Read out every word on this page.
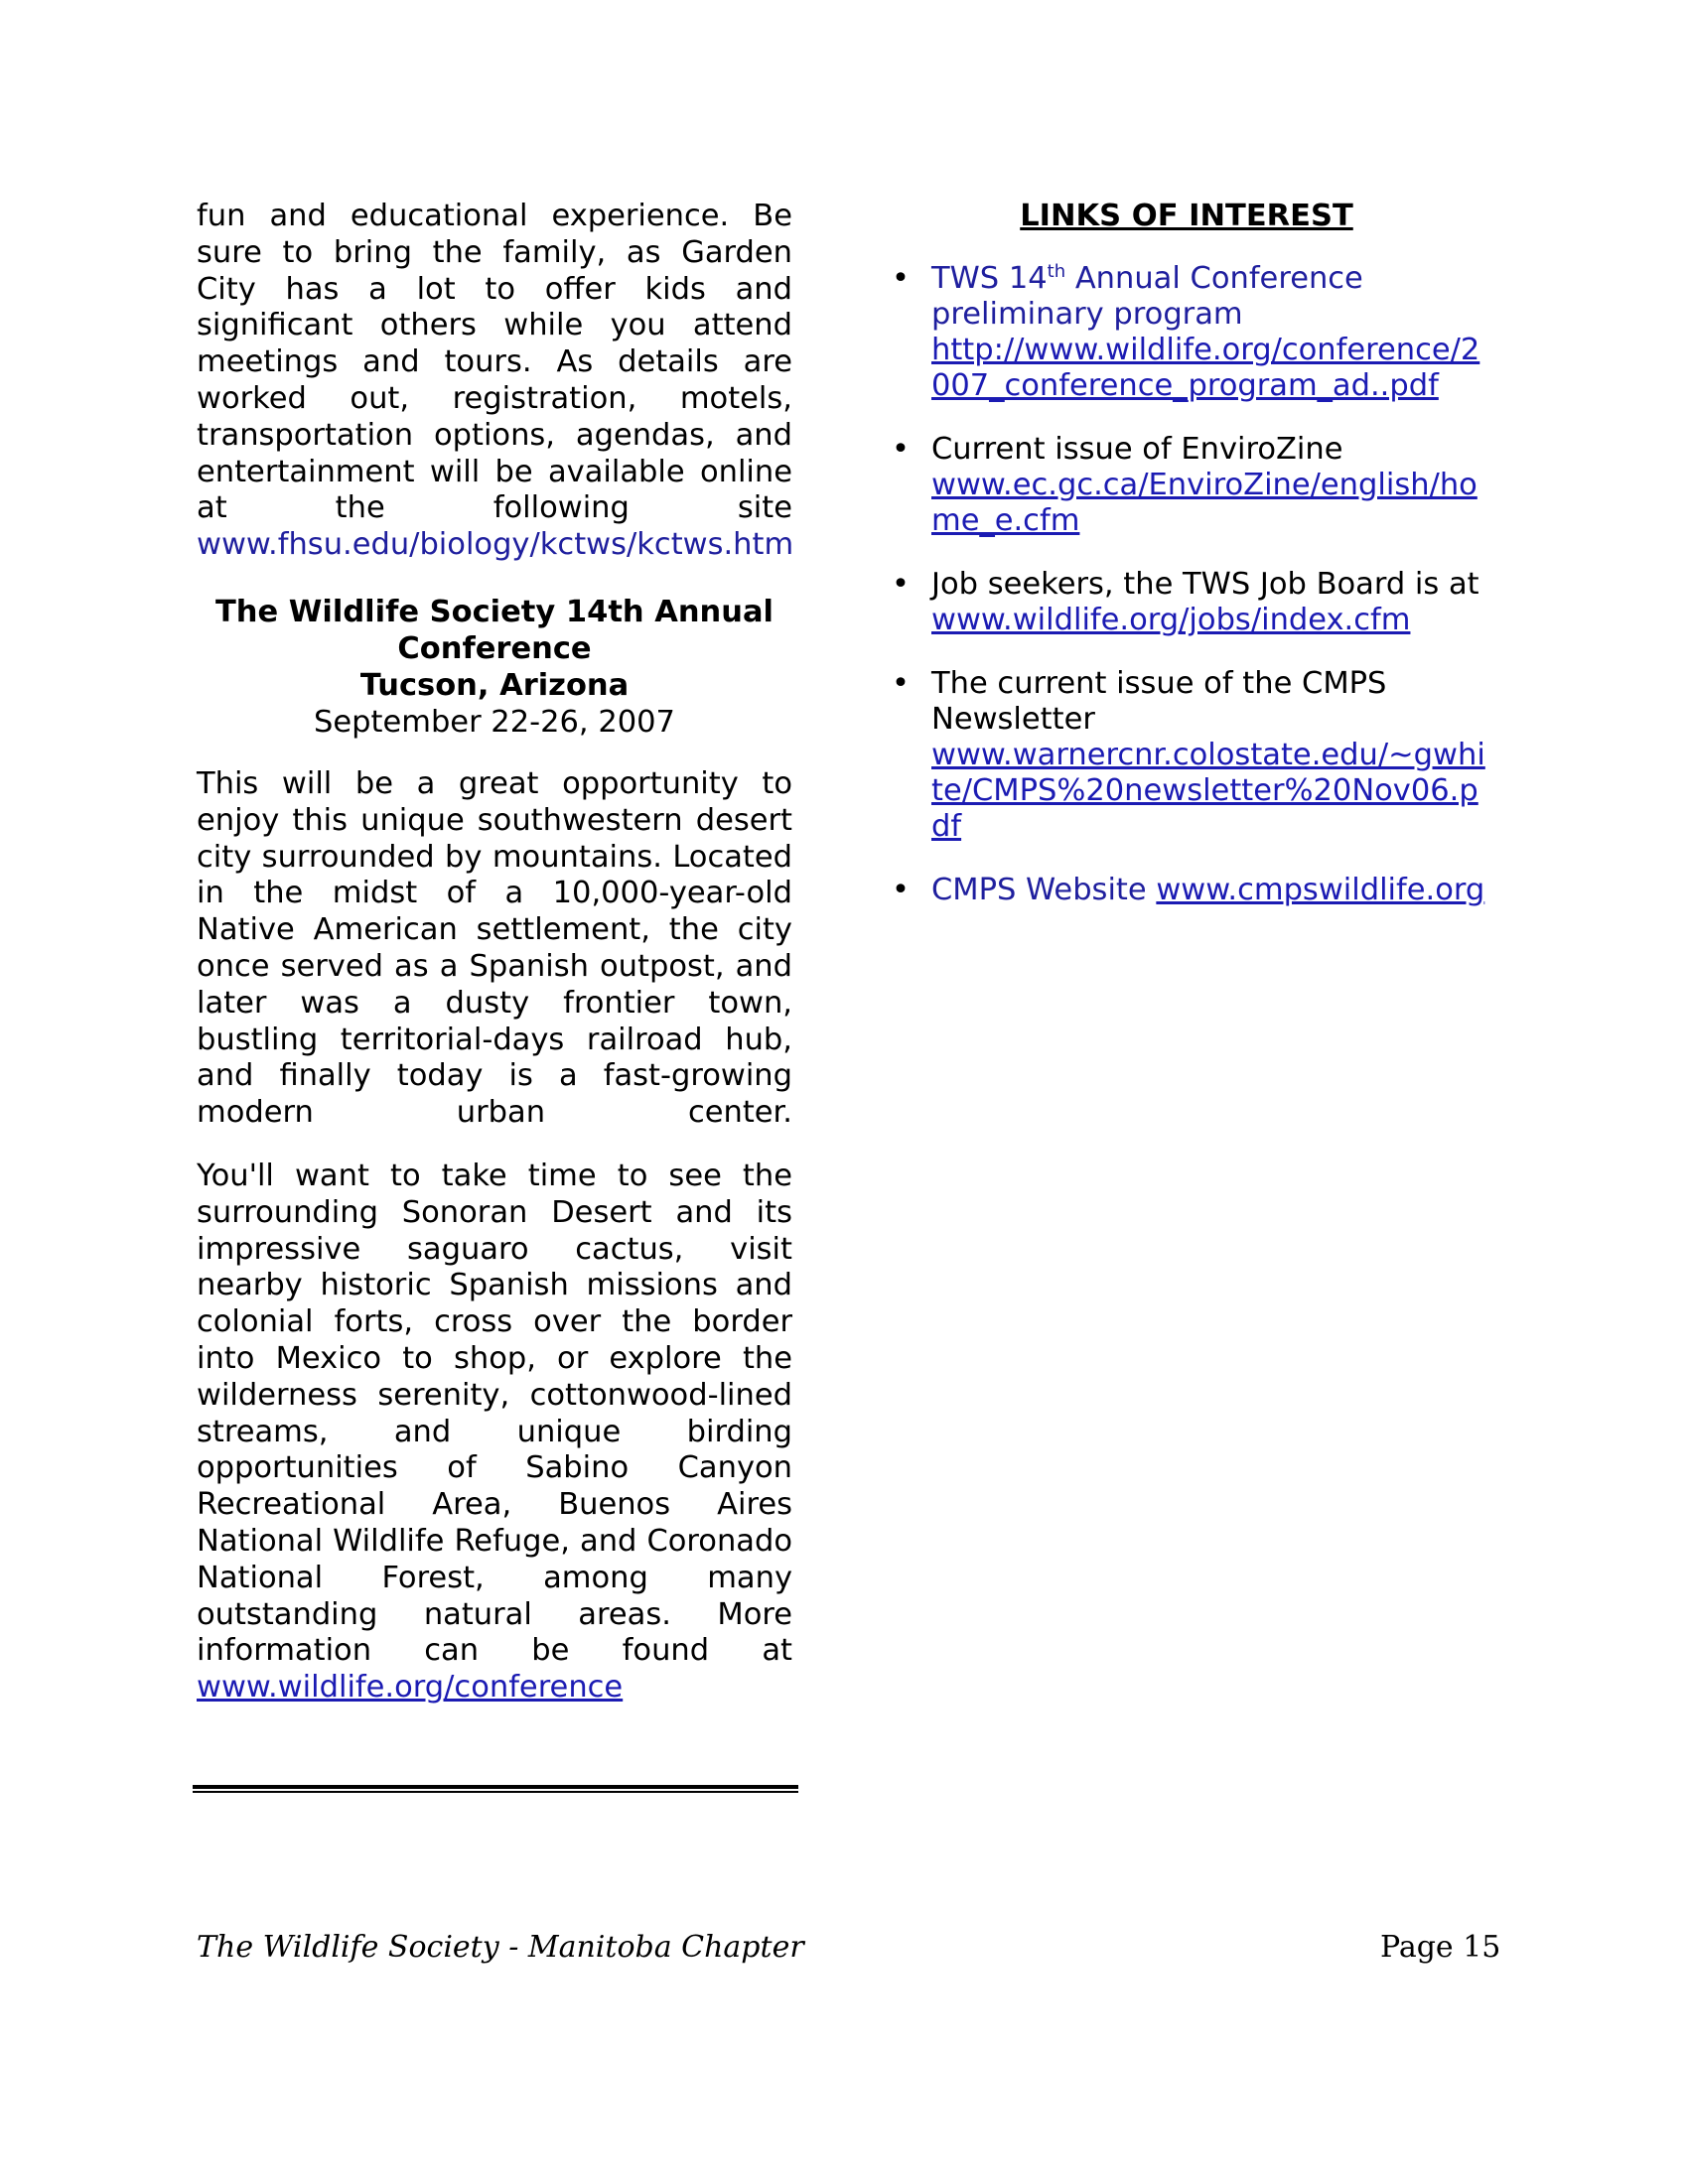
fun and educational experience. Be sure to bring the family, as Garden City has a lot to offer kids and significant others while you attend meetings and tours. As details are worked out, registration, motels, transportation options, agendas, and entertainment will be available online at the following site
www.fhsu.edu/biology/kctws/kctws.htm
The Wildlife Society 14th Annual Conference
Tucson, Arizona
September 22-26, 2007
This will be a great opportunity to enjoy this unique southwestern desert city surrounded by mountains. Located in the midst of a 10,000-year-old Native American settlement, the city once served as a Spanish outpost, and later was a dusty frontier town, bustling territorial-days railroad hub, and finally today is a fast-growing modern urban center.
You'll want to take time to see the surrounding Sonoran Desert and its impressive saguaro cactus, visit nearby historic Spanish missions and colonial forts, cross over the border into Mexico to shop, or explore the wilderness serenity, cottonwood-lined streams, and unique birding opportunities of Sabino Canyon Recreational Area, Buenos Aires National Wildlife Refuge, and Coronado National Forest, among many outstanding natural areas. More information can be found at
www.wildlife.org/conference
LINKS OF INTEREST
• TWS 14th Annual Conference preliminary program
http://www.wildlife.org/conference/2007_conference_program_ad..pdf
• Current issue of EnviroZine
www.ec.gc.ca/EnviroZine/english/home_e.cfm
• Job seekers, the TWS Job Board is at www.wildlife.org/jobs/index.cfm
• The current issue of the CMPS Newsletter
www.warnercnr.colostate.edu/~gwhite/CMPS%20newsletter%20Nov06.pdf
• CMPS Website www.cmpswildlife.org
The Wildlife Society - Manitoba Chapter	Page 15
